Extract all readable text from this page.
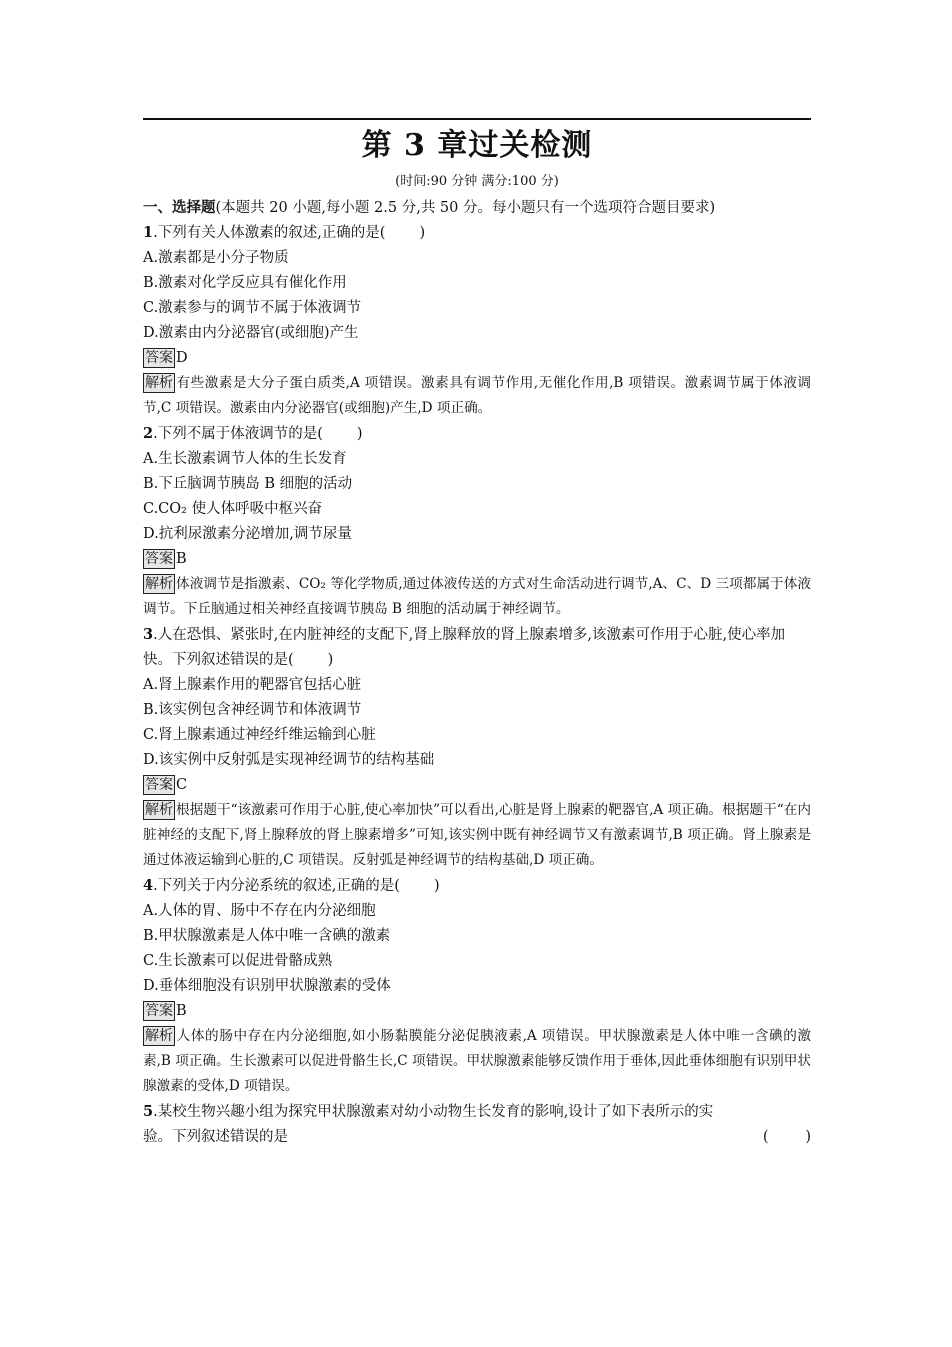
第 3 章过关检测
(时间:90 分钟 满分:100 分)

一、选择题(本题共 20 小题,每小题 2.5 分,共 50 分。每小题只有一个选项符合题目要求)

1.下列有关人体激素的叙述,正确的是( )

A.激素都是小分子物质

B.激素对化学反应具有催化作用

C.激素参与的调节不属于体液调节

D.激素由内分泌器官(或细胞)产生

答案 D

解析 有些激素是大分子蛋白质类,A 项错误。激素具有调节作用,无催化作用,B 项错误。激素调节属于体液调节,C 项错误。激素由内分泌器官(或细胞)产生,D 项正确。

2.下列不属于体液调节的是( )

A.生长激素调节人体的生长发育

B.下丘脑调节胰岛 B 细胞的活动

C.CO₂ 使人体呼吸中枢兴奋

D.抗利尿激素分泌增加,调节尿量

答案 B

解析 体液调节是指激素、CO₂ 等化学物质,通过体液传送的方式对生命活动进行调节,A、C、D 三项都属于体液调节。下丘脑通过相关神经直接调节胰岛 B 细胞的活动属于神经调节。

3.人在恐惧、紧张时,在内脏神经的支配下,肾上腺释放的肾上腺素增多,该激素可作用于心脏,使心率加快。下列叙述错误的是( )

A.肾上腺素作用的靶器官包括心脏

B.该实例包含神经调节和体液调节

C.肾上腺素通过神经纤维运输到心脏

D.该实例中反射弧是实现神经调节的结构基础

答案 C

解析 根据题干“该激素可作用于心脏,使心率加快”可以看出,心脏是肾上腺素的靶器官,A 项正确。根据题干“在内脏神经的支配下,肾上腺释放的肾上腺素增多”可知,该实例中既有神经调节又有激素调节,B 项正确。肾上腺素是通过体液运输到心脏的,C 项错误。反射弧是神经调节的结构基础,D 项正确。

4.下列关于内分泌系统的叙述,正确的是( )

A.人体的胃、肠中不存在内分泌细胞

B.甲状腺激素是人体中唯一含碘的激素

C.生长激素可以促进骨骼成熟

D.垂体细胞没有识别甲状腺激素的受体

答案 B

解析 人体的肠中存在内分泌细胞,如小肠黏膜能分泌促胰液素,A 项错误。甲状腺激素是人体中唯一含碘的激素,B 项正确。生长激素可以促进骨骼生长,C 项错误。甲状腺激素能够反馈作用于垂体,因此垂体细胞有识别甲状腺激素的受体,D 项错误。

5.某校生物兴趣小组为探究甲状腺激素对幼小动物生长发育的影响,设计了如下表所示的实

验。下列叙述错误的是	(        )
